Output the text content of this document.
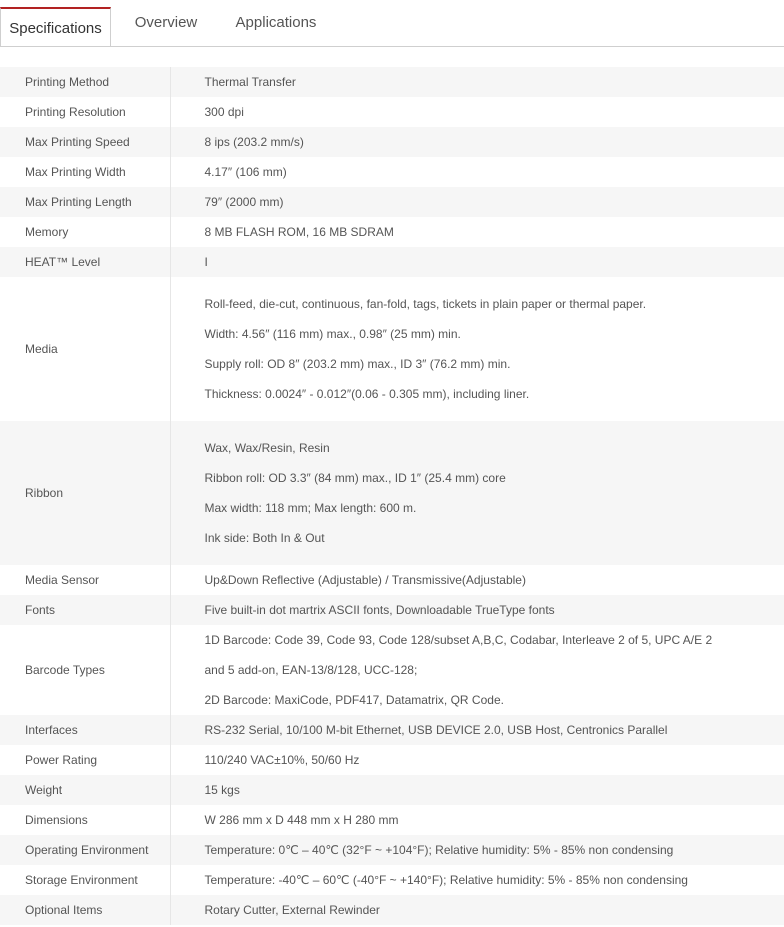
Specifications	Overview	Applications
Printing Method	Thermal Transfer
Printing Resolution	300 dpi
Max Printing Speed	8 ips (203.2 mm/s)
Max Printing Width	4.17″ (106 mm)
Max Printing Length	79″ (2000 mm)
Memory	8 MB FLASH ROM, 16 MB SDRAM
HEAT™ Level	I
Media	Roll-feed, die-cut, continuous, fan-fold, tags, tickets in plain paper or thermal paper.
Width: 4.56″ (116 mm) max., 0.98″ (25 mm) min.
Supply roll: OD 8″ (203.2 mm) max., ID 3″ (76.2 mm) min.
Thickness: 0.0024″ - 0.012″(0.06 - 0.305 mm), including liner.

Ribbon	Wax, Wax/Resin, Resin
Ribbon roll: OD 3.3″ (84 mm) max., ID 1″ (25.4 mm) core
Max width: 118 mm; Max length: 600 m.
Ink side: Both In & Out

Media Sensor	Up&Down Reflective (Adjustable) / Transmissive(Adjustable)
Fonts	Five built-in dot martrix ASCII fonts, Downloadable TrueType fonts
Barcode Types	1D Barcode: Code 39, Code 93, Code 128/subset A,B,C, Codabar, Interleave 2 of 5, UPC A/E 2
and 5 add-on, EAN-13/8/128, UCC-128;
2D Barcode: MaxiCode, PDF417, Datamatrix, QR Code.

Interfaces	RS-232 Serial, 10/100 M-bit Ethernet, USB DEVICE 2.0, USB Host, Centronics Parallel
Power Rating	110/240 VAC±10%, 50/60 Hz
Weight	15 kgs
Dimensions	W 286 mm x D 448 mm x H 280 mm
Operating Environment	Temperature: 0℃ – 40℃ (32°F ~ +104°F); Relative humidity: 5% - 85% non condensing
Storage Environment	Temperature: -40℃ – 60℃ (-40°F ~ +140°F); Relative humidity: 5% - 85% non condensing
Optional Items	Rotary Cutter, External Rewinder
